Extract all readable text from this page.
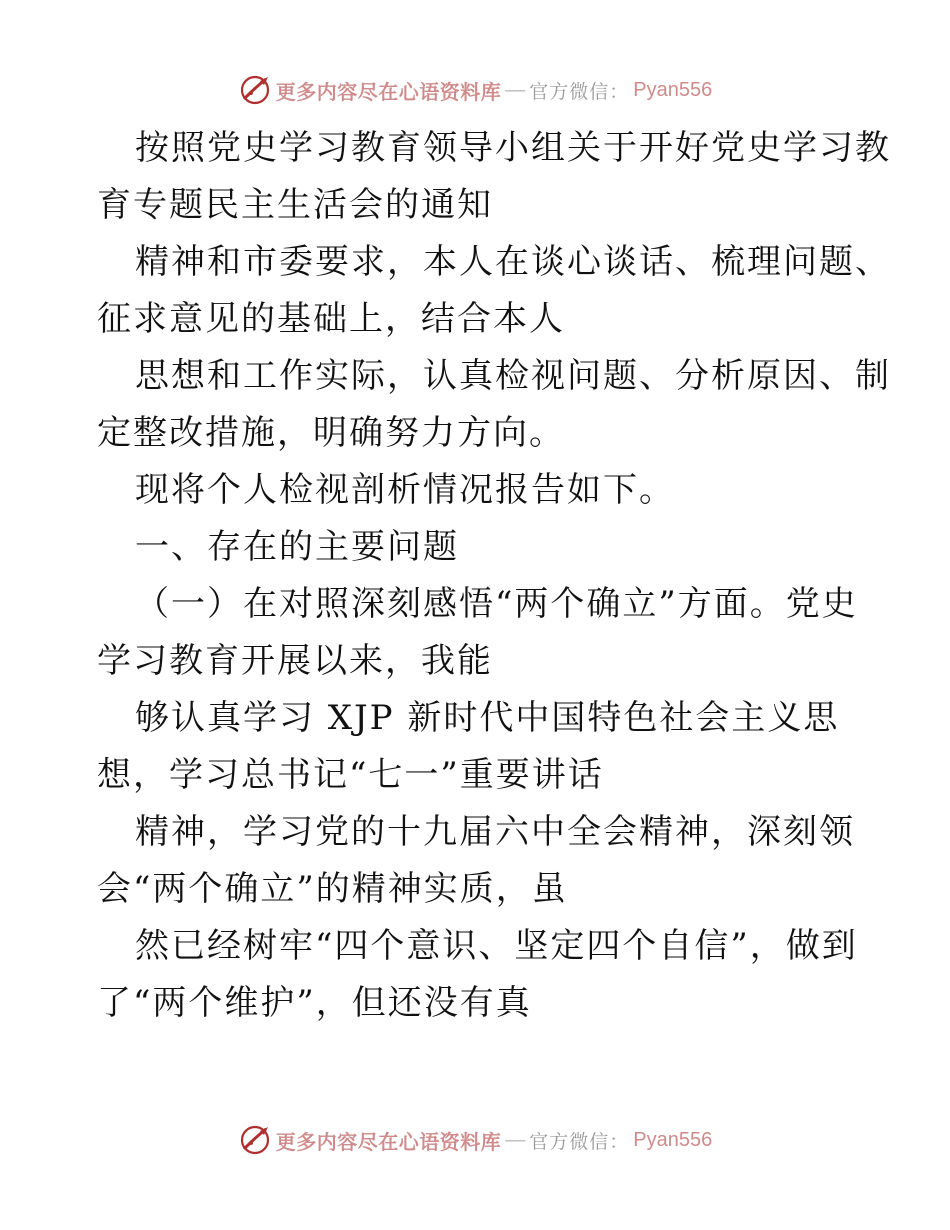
更多内容尽在心语资料库 — 官方微信： Pyan556
按照党史学习教育领导小组关于开好党史学习教
育专题民主生活会的通知
精神和市委要求，本人在谈心谈话、梳理问题、
征求意见的基础上，结合本人
思想和工作实际，认真检视问题、分析原因、制
定整改措施，明确努力方向。
现将个人检视剖析情况报告如下。
一、存在的主要问题
（一）在对照深刻感悟“两个确立”方面。党史
学习教育开展以来，我能
够认真学习 XJP 新时代中国特色社会主义思
想，学习总书记“七一”重要讲话
精神，学习党的十九届六中全会精神，深刻领
会“两个确立”的精神实质，虽
然已经树牢“四个意识、坚定四个自信”，做到
了“两个维护”，但还没有真
更多内容尽在心语资料库 — 官方微信： Pyan556
